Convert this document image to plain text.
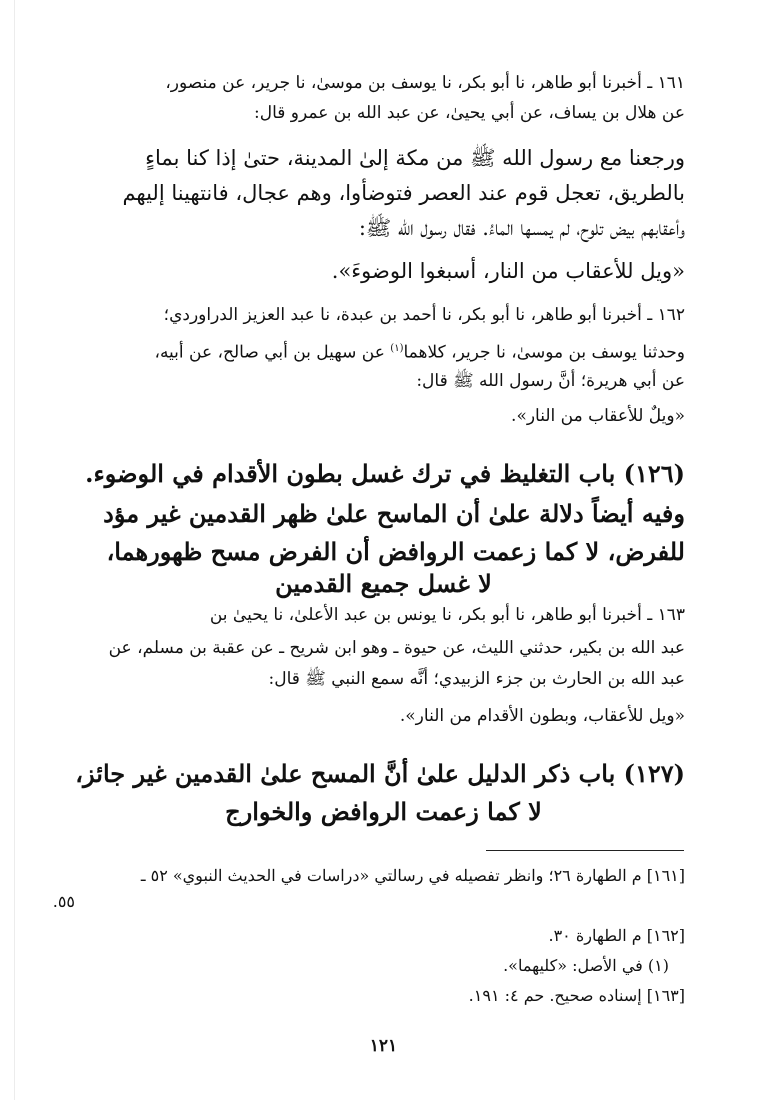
١٦١ ـ أخبرنا أبو طاهر، نا أبو بكر، نا يوسف بن موسىٰ، نا جرير، عن منصور،
عن هلال بن يساف، عن أبي يحيىٰ، عن عبد الله بن عمرو قال:
ورجعنا مع رسول الله ﷺ من مكة إلىٰ المدينة، حتىٰ إذا كنا بماءٍ
بالطريق، تعجل قوم عند العصر فتوضأوا، وهم عجال، فانتهينا إليهم
وأعقابهم بيض تلوح، لم يمسها الماءُ. فقال رسول الله ﷺ:
«ويل للأعقاب من النار، أسبغوا الوضوءَ».
١٦٢ ـ أخبرنا أبو طاهر، نا أبو بكر، نا أحمد بن عبدة، نا عبد العزيز الدراوردي؛
وحدثنا يوسف بن موسىٰ، نا جرير، كلاهما$^{(١)}$ عن سهيل بن أبي صالح، عن أبيه،
عن أبي هريرة؛ أنَّ رسول الله ﷺ قال:
«ويلٌ للأعقاب من النار».
(١٢٦) باب التغليظ في ترك غسل بطون الأقدام في الوضوء.
وفيه أيضاً دلالة علىٰ أن الماسح علىٰ ظهر القدمين غير مؤد
للفرض، لا كما زعمت الروافض أن الفرض مسح ظهورهما،
لا غسل جميع القدمين
١٦٣ ـ أخبرنا أبو طاهر، نا أبو بكر، نا يونس بن عبد الأعلىٰ، نا يحيىٰ بن
عبد الله بن بكير، حدثني الليث، عن حيوة ـ وهو ابن شريح ـ عن عقبة بن مسلم، عن
عبد الله بن الحارث بن جزء الزبيدي؛ أنَّه سمع النبي ﷺ قال:
«ويل للأعقاب، وبطون الأقدام من النار».
(١٢٧) باب ذكر الدليل علىٰ أنَّ المسح علىٰ القدمين غير جائز،
لا كما زعمت الروافض والخوارج
[١٦١] م الطهارة ٢٦؛ وانظر تفصيله في رسالتي «دراسات في الحديث النبوي» ٥٢ ـ
٥٥.
[١٦٢] م الطهارة ٣٠.
(١) في الأصل: «كليهما».
[١٦٣] إسناده صحيح. حم ٤: ١٩١.
١٢١
